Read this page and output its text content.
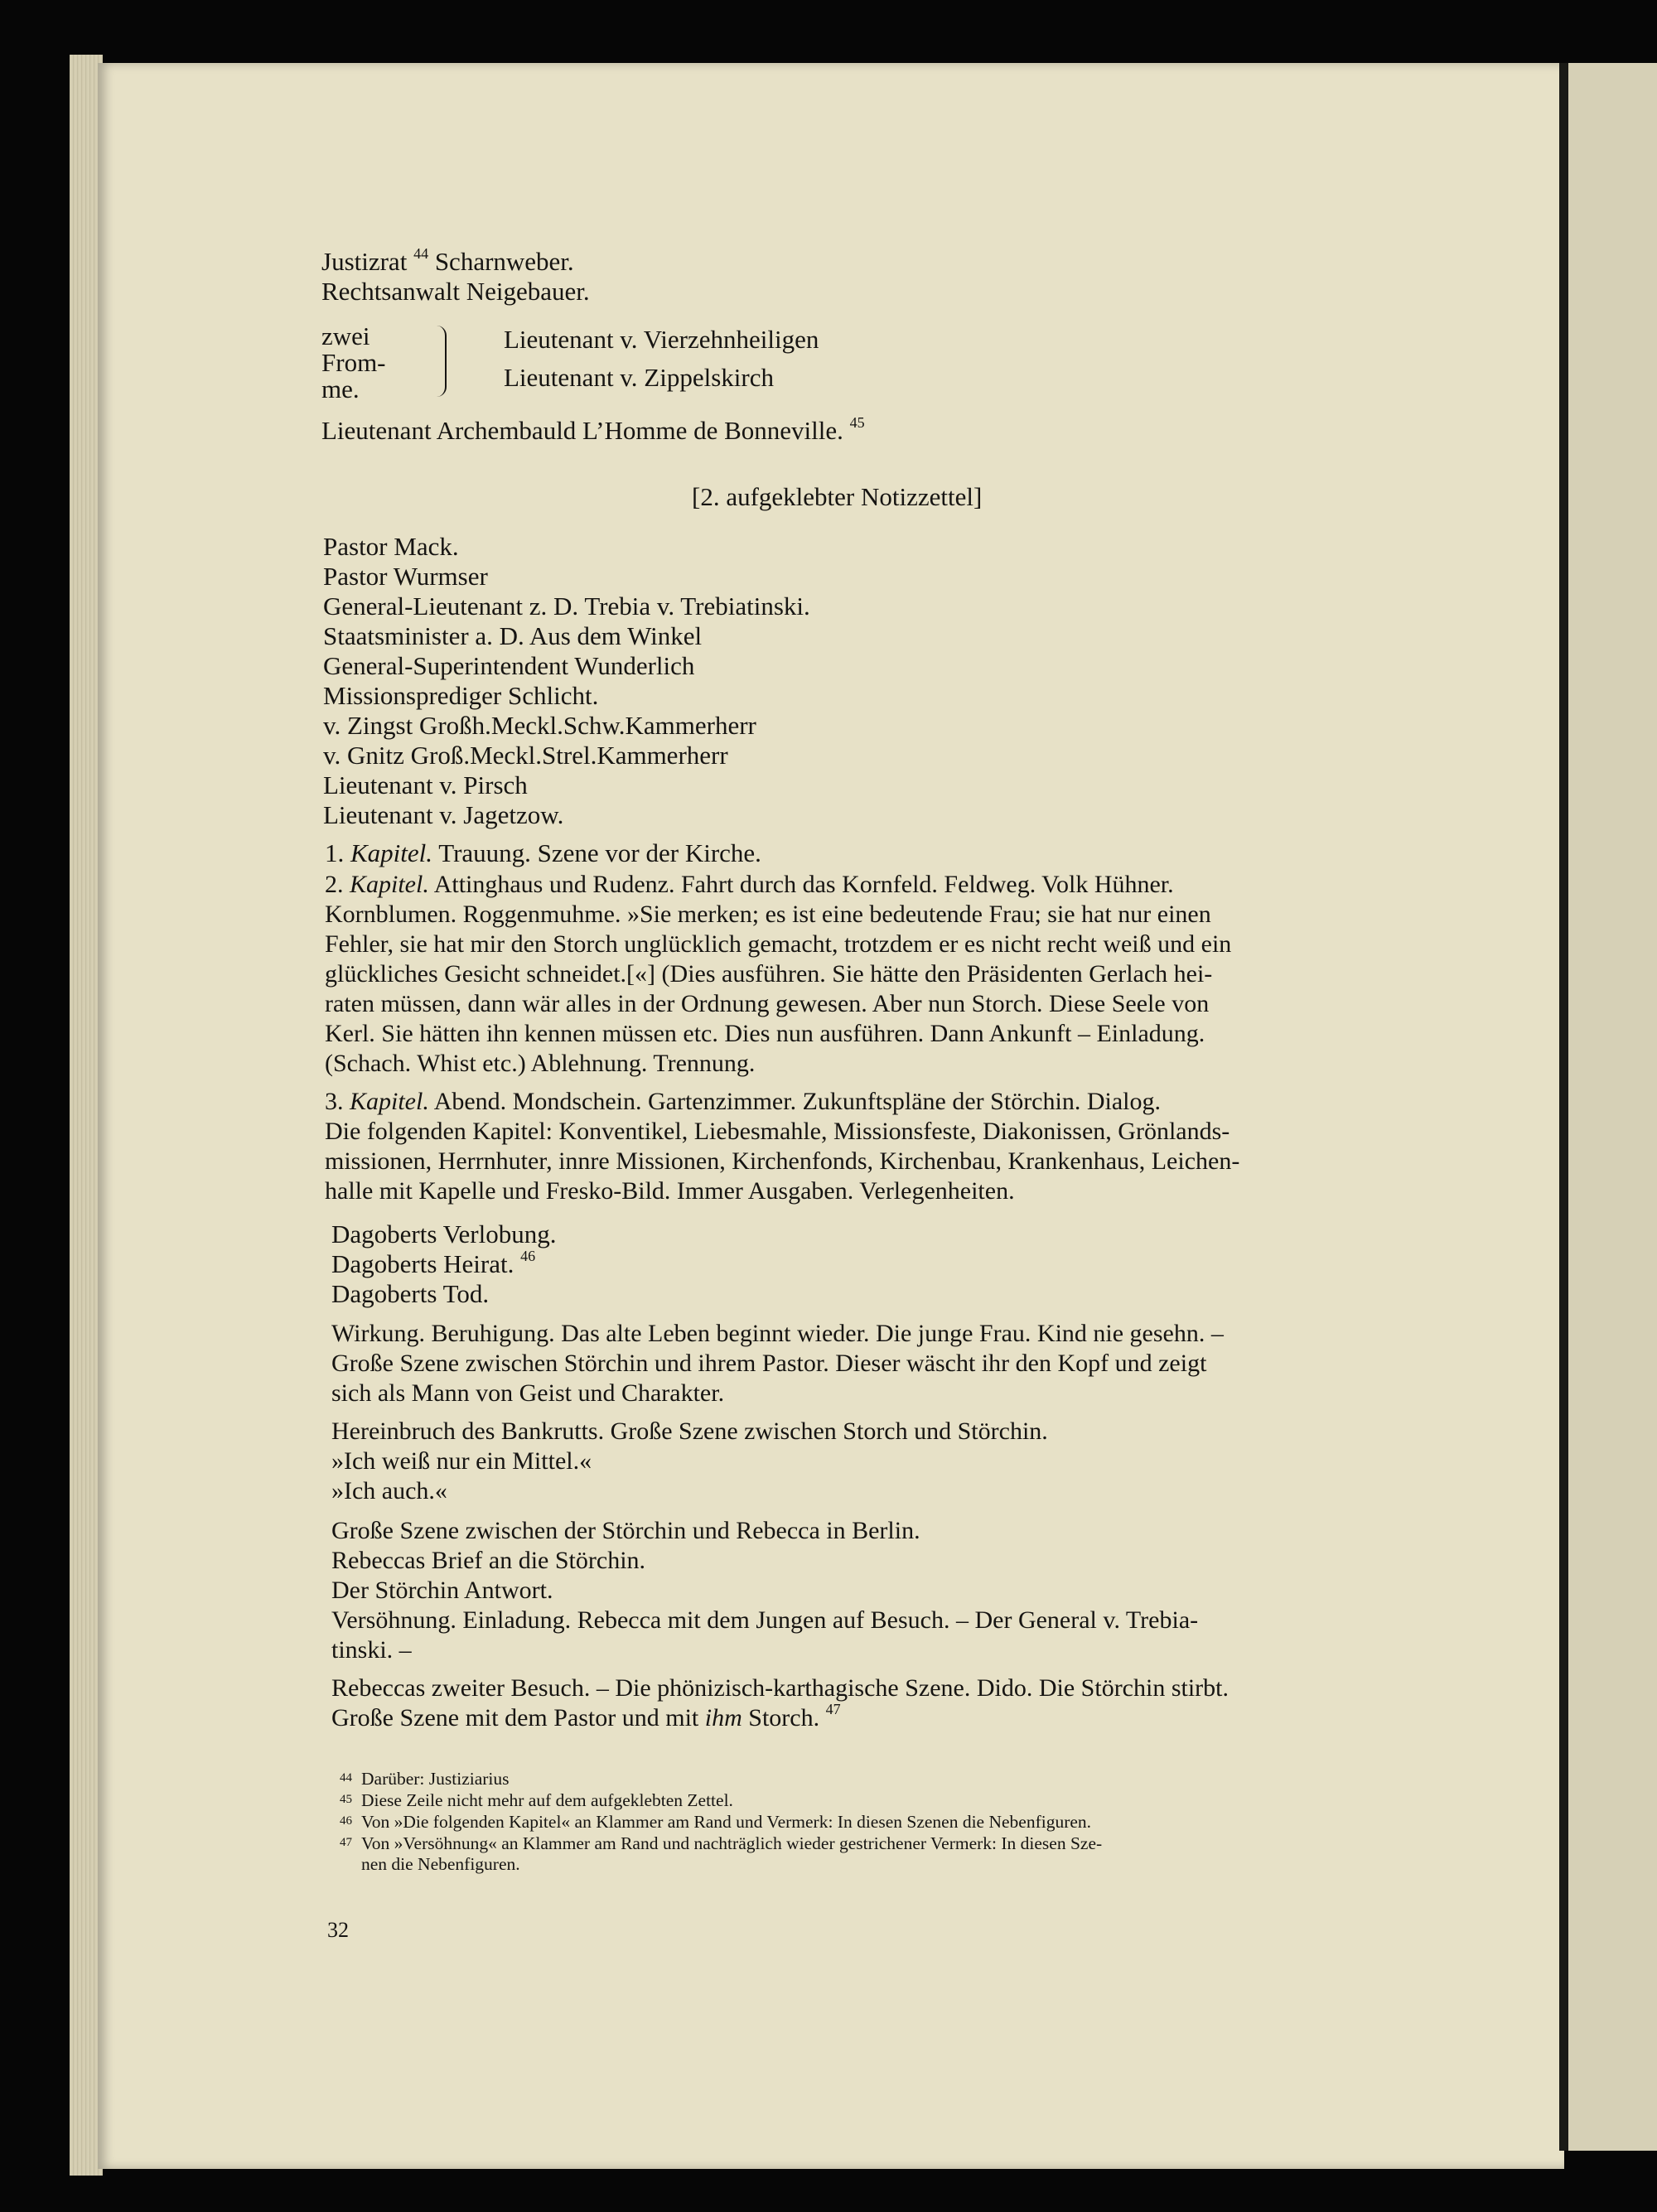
Justizrat $^{44}$ Scharnweber.
Rechtsanwalt Neigebauer.
zwei
From-
me.
Lieutenant v. Vierzehnheiligen
Lieutenant v. Zippelskirch
Lieutenant Archembauld L’Homme de Bonneville. $^{45}$
[2. aufgeklebter Notizzettel]
Pastor Mack.
Pastor Wurmser
General-Lieutenant z. D. Trebia v. Trebiatinski.
Staatsminister a. D. Aus dem Winkel
General-Superintendent Wunderlich
Missionsprediger Schlicht.
v. Zingst Großh.Meckl.Schw.Kammerherr
v. Gnitz Groß.Meckl.Strel.Kammerherr
Lieutenant v. Pirsch
Lieutenant v. Jagetzow.
1. Kapitel. Trauung. Szene vor der Kirche.
2. Kapitel. Attinghaus und Rudenz. Fahrt durch das Kornfeld. Feldweg. Volk Hühner.
Kornblumen. Roggenmuhme. »Sie merken; es ist eine bedeutende Frau; sie hat nur einen
Fehler, sie hat mir den Storch unglücklich gemacht, trotzdem er es nicht recht weiß und ein
glückliches Gesicht schneidet.[«] (Dies ausführen. Sie hätte den Präsidenten Gerlach hei-
raten müssen, dann wär alles in der Ordnung gewesen. Aber nun Storch. Diese Seele von
Kerl. Sie hätten ihn kennen müssen etc. Dies nun ausführen. Dann Ankunft – Einladung.
(Schach. Whist etc.) Ablehnung. Trennung.
3. Kapitel. Abend. Mondschein. Gartenzimmer. Zukunftspläne der Störchin. Dialog.
Die folgenden Kapitel: Konventikel, Liebesmahle, Missionsfeste, Diakonissen, Grönlands-
missionen, Herrnhuter, innre Missionen, Kirchenfonds, Kirchenbau, Krankenhaus, Leichen-
halle mit Kapelle und Fresko-Bild. Immer Ausgaben. Verlegenheiten.
Dagoberts Verlobung.
Dagoberts Heirat. $^{46}$
Dagoberts Tod.
Wirkung. Beruhigung. Das alte Leben beginnt wieder. Die junge Frau. Kind nie gesehn. –
Große Szene zwischen Störchin und ihrem Pastor. Dieser wäscht ihr den Kopf und zeigt
sich als Mann von Geist und Charakter.
Hereinbruch des Bankrutts. Große Szene zwischen Storch und Störchin.
»Ich weiß nur ein Mittel.«
»Ich auch.«
Große Szene zwischen der Störchin und Rebecca in Berlin.
Rebeccas Brief an die Störchin.
Der Störchin Antwort.
Versöhnung. Einladung. Rebecca mit dem Jungen auf Besuch. – Der General v. Trebia-
tinski. –
Rebeccas zweiter Besuch. – Die phönizisch-karthagische Szene. Dido. Die Störchin stirbt.
Große Szene mit dem Pastor und mit ihm Storch. $^{47}$
44 Darüber: Justiziarius
45 Diese Zeile nicht mehr auf dem aufgeklebten Zettel.
46 Von »Die folgenden Kapitel« an Klammer am Rand und Vermerk: In diesen Szenen die Nebenfiguren.
47 Von »Versöhnung« an Klammer am Rand und nachträglich wieder gestrichener Vermerk: In diesen Sze-
nen die Nebenfiguren.
32
